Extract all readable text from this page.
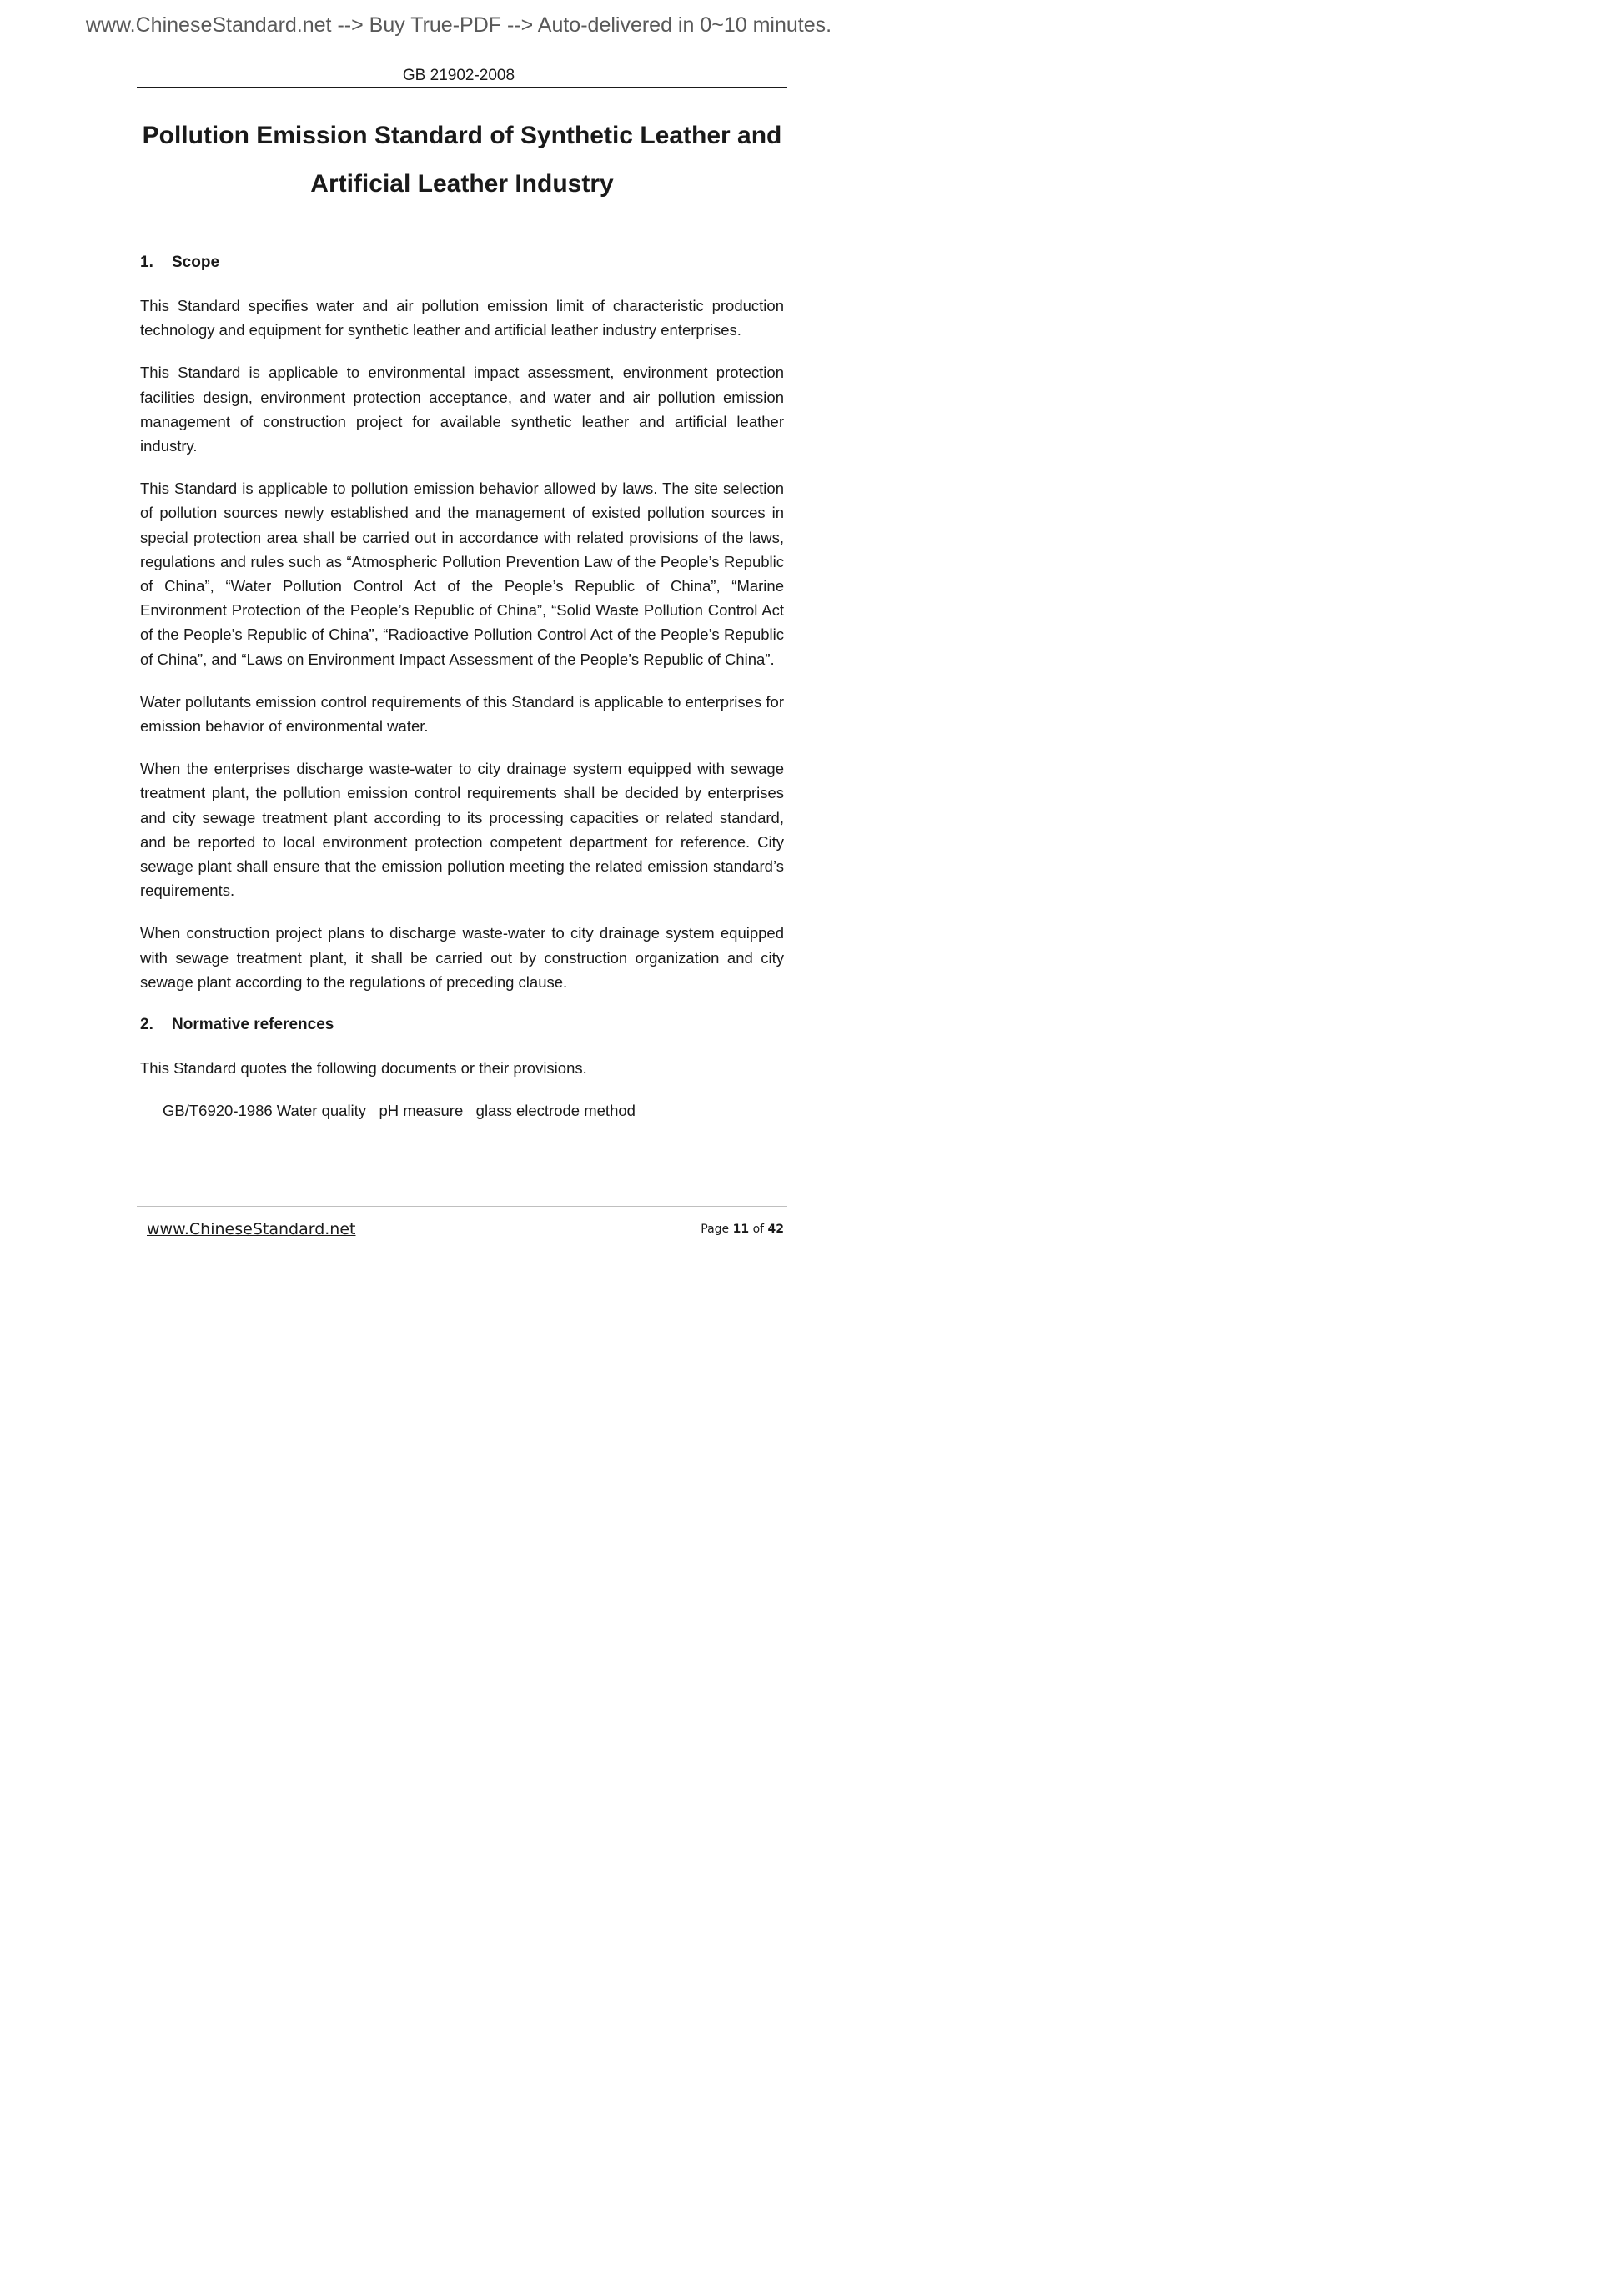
www.ChineseStandard.net --> Buy True-PDF --> Auto-delivered in 0~10 minutes.
GB 21902-2008
Pollution Emission Standard of Synthetic Leather and
Artificial Leather Industry
1. Scope

This Standard specifies water and air pollution emission limit of characteristic production technology and equipment for synthetic leather and artificial leather industry enterprises.

This Standard is applicable to environmental impact assessment, environment protection facilities design, environment protection acceptance, and water and air pollution emission management of construction project for available synthetic leather and artificial leather industry.

This Standard is applicable to pollution emission behavior allowed by laws. The site selection of pollution sources newly established and the management of existed pollution sources in special protection area shall be carried out in accordance with related provisions of the laws, regulations and rules such as “Atmospheric Pollution Prevention Law of the People’s Republic of China”, “Water Pollution Control Act of the People’s Republic of China”, “Marine Environment Protection of the People’s Republic of China”, “Solid Waste Pollution Control Act of the People’s Republic of China”, “Radioactive Pollution Control Act of the People’s Republic of China”, and “Laws on Environment Impact Assessment of the People’s Republic of China”.

Water pollutants emission control requirements of this Standard is applicable to enterprises for emission behavior of environmental water.

When the enterprises discharge waste-water to city drainage system equipped with sewage treatment plant, the pollution emission control requirements shall be decided by enterprises and city sewage treatment plant according to its processing capacities or related standard, and be reported to local environment protection competent department for reference. City sewage plant shall ensure that the emission pollution meeting the related emission standard’s requirements.

When construction project plans to discharge waste-water to city drainage system equipped with sewage treatment plant, it shall be carried out by construction organization and city sewage plant according to the regulations of preceding clause.

2. Normative references

This Standard quotes the following documents or their provisions.

GB/T6920-1986 Water quality   pH measure   glass electrode method
www.ChineseStandard.net	Page 11 of 42
